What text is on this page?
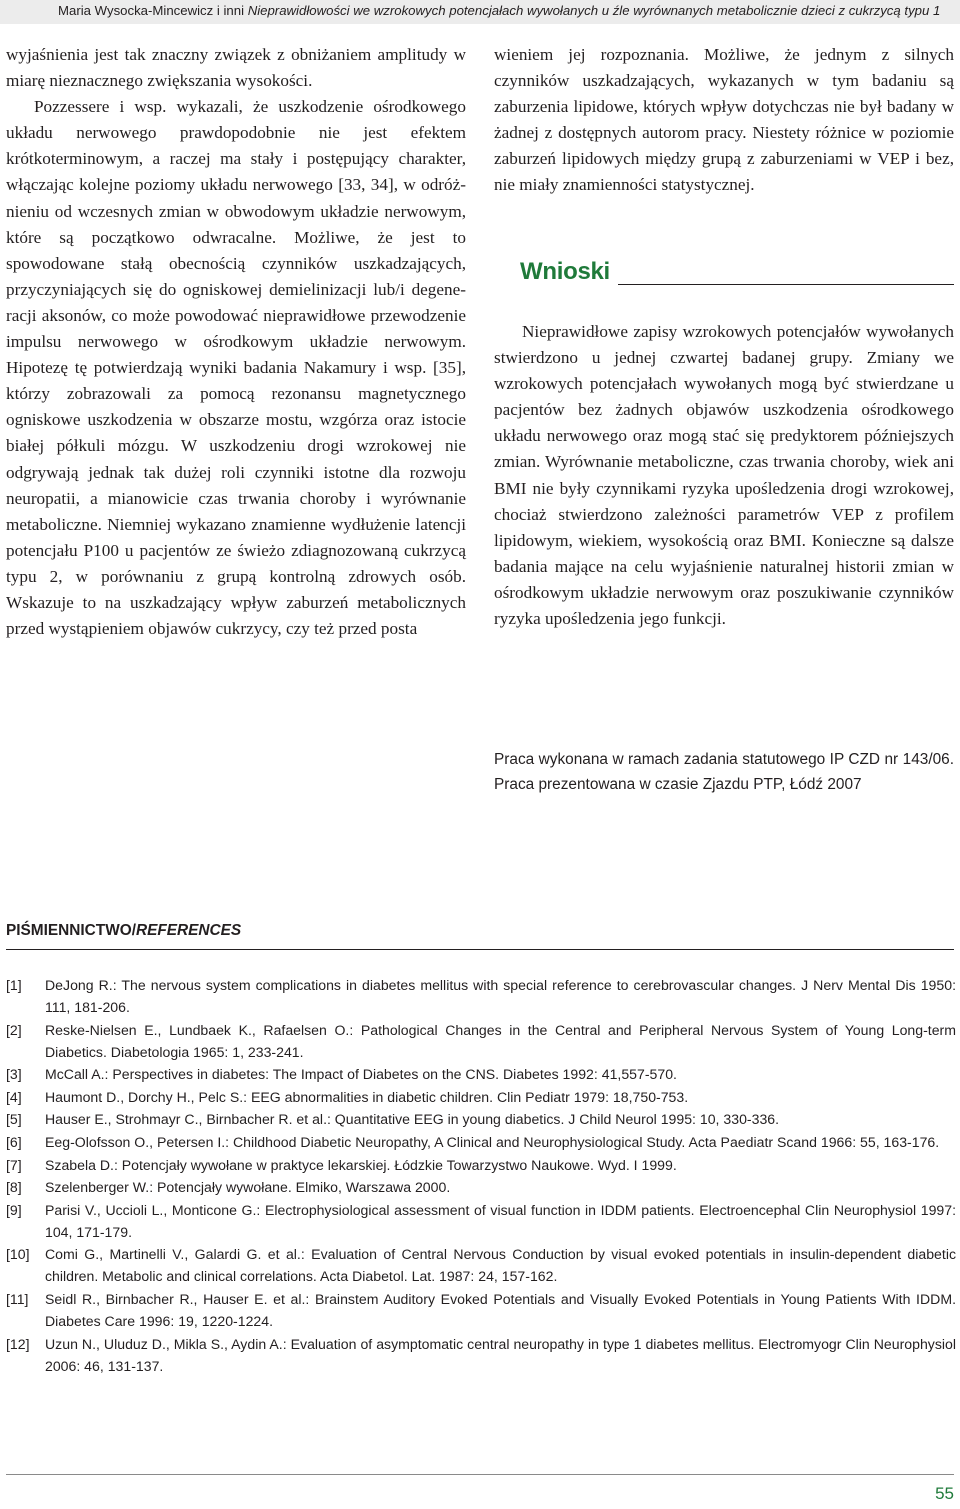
Maria Wysocka-Mincewicz i inni Nieprawidłowości we wzrokowych potencjałach wywołanych u źle wyrównanych metabolicznie dzieci z cukrzycą typu 1

wyjaśnienia jest tak znaczny związek z obniżaniem amplitudy w miarę nieznacznego zwiększania wysokości.

Pozzessere i wsp. wykazali, że uszkodzenie ośrodkowego układu nerwowego prawdopodobnie nie jest efektem krótkoterminowym, a raczej ma stały i postępujący charakter, włączając kolejne poziomy układu nerwowego [33, 34], w odróżnieniu od wczesnych zmian w obwodowym układzie nerwowym, które są początkowo odwracalne. Możliwe, że jest to spowodowane stałą obecnością czynników uszkadzających, przyczyniających się do ogniskowej demielinizacji lub/i degeneracji aksonów, co może powodować nieprawidłowe przewodzenie impulsu nerwowego w ośrodkowym układzie nerwowym. Hipotezę tę potwierdzają wyniki badania Nakamury i wsp. [35], którzy zobrazowali za pomocą rezonansu magnetycznego ogniskowe uszkodzenia w obszarze mostu, wzgórza oraz istocie białej półkuli mózgu. W uszkodzeniu drogi wzrokowej nie odgrywają jednak tak dużej roli czynniki istotne dla rozwoju neuropatii, a mianowicie czas trwania choroby i wyrównanie metaboliczne. Niemniej wykazano znamienne wydłużenie latencji potencjału P100 u pacjentów ze świeżo zdiagnozowaną cukrzycą typu 2, w porównaniu z grupą kontrolną zdrowych osób. Wskazuje to na uszkadzający wpływ zaburzeń metabolicznych przed wystąpieniem objawów cukrzycy, czy też przed posta

wieniem jej rozpoznania. Możliwe, że jednym z silnych czynników uszkadzających, wykazanych w tym badaniu są zaburzenia lipidowe, których wpływ dotychczas nie był badany w żadnej z dostępnych autorom pracy. Niestety różnice w poziomie zaburzeń lipidowych między grupą z zaburzeniami w VEP i bez, nie miały znamienności statystycznej.

Wnioski

Nieprawidłowe zapisy wzrokowych potencjałów wywołanych stwierdzono u jednej czwartej badanej grupy. Zmiany we wzrokowych potencjałach wywołanych mogą być stwierdzane u pacjentów bez żadnych objawów uszkodzenia ośrodkowego układu nerwowego oraz mogą stać się predyktorem późniejszych zmian. Wyrównanie metaboliczne, czas trwania choroby, wiek ani BMI nie były czynnikami ryzyka upośledzenia drogi wzrokowej, chociaż stwierdzono zależności parametrów VEP z profilem lipidowym, wiekiem, wysokością oraz BMI. Konieczne są dalsze badania mające na celu wyjaśnienie naturalnej historii zmian w ośrodkowym układzie nerwowym oraz poszukiwanie czynników ryzyka upośledzenia jego funkcji.

Praca wykonana w ramach zadania statutowego IP CZD nr 143/06. Praca prezentowana w czasie Zjazdu PTP, Łódź 2007
PIŚMIENNICTWO/REFERENCES
[1] DeJong R.: The nervous system complications in diabetes mellitus with special reference to cerebrovascular changes. J Nerv Mental Dis 1950: 111, 181-206.
[2] Reske-Nielsen E., Lundbaek K., Rafaelsen O.: Pathological Changes in the Central and Peripheral Nervous System of Young Long-term Diabetics. Diabetologia 1965: 1, 233-241.
[3] McCall A.: Perspectives in diabetes: The Impact of Diabetes on the CNS. Diabetes 1992: 41,557-570.
[4] Haumont D., Dorchy H., Pelc S.: EEG abnormalities in diabetic children. Clin Pediatr 1979: 18,750-753.
[5] Hauser E., Strohmayr C., Birnbacher R. et al.: Quantitative EEG in young diabetics. J Child Neurol 1995: 10, 330-336.
[6] Eeg-Olofsson O., Petersen I.: Childhood Diabetic Neuropathy, A Clinical and Neurophysiological Study. Acta Paediatr Scand 1966: 55, 163-176.
[7] Szabela D.: Potencjały wywołane w praktyce lekarskiej. Łódzkie Towarzystwo Naukowe. Wyd. I 1999.
[8] Szelenberger W.: Potencjały wywołane. Elmiko, Warszawa 2000.
[9] Parisi V., Uccioli L., Monticone G.: Electrophysiological assessment of visual function in IDDM patients. Electroencephal Clin Neurophysiol 1997: 104, 171-179.
[10] Comi G., Martinelli V., Galardi G. et al.: Evaluation of Central Nervous Conduction by visual evoked potentials in insulin-dependent diabetic children. Metabolic and clinical correlations. Acta Diabetol. Lat. 1987: 24, 157-162.
[11] Seidl R., Birnbacher R., Hauser E. et al.: Brainstem Auditory Evoked Potentials and Visually Evoked Potentials in Young Patients With IDDM. Diabetes Care 1996: 19, 1220-1224.
[12] Uzun N., Uluduz D., Mikla S., Aydin A.: Evaluation of asymptomatic central neuropathy in type 1 diabetes mellitus. Electromyogr Clin Neurophysiol 2006: 46, 131-137.
55
